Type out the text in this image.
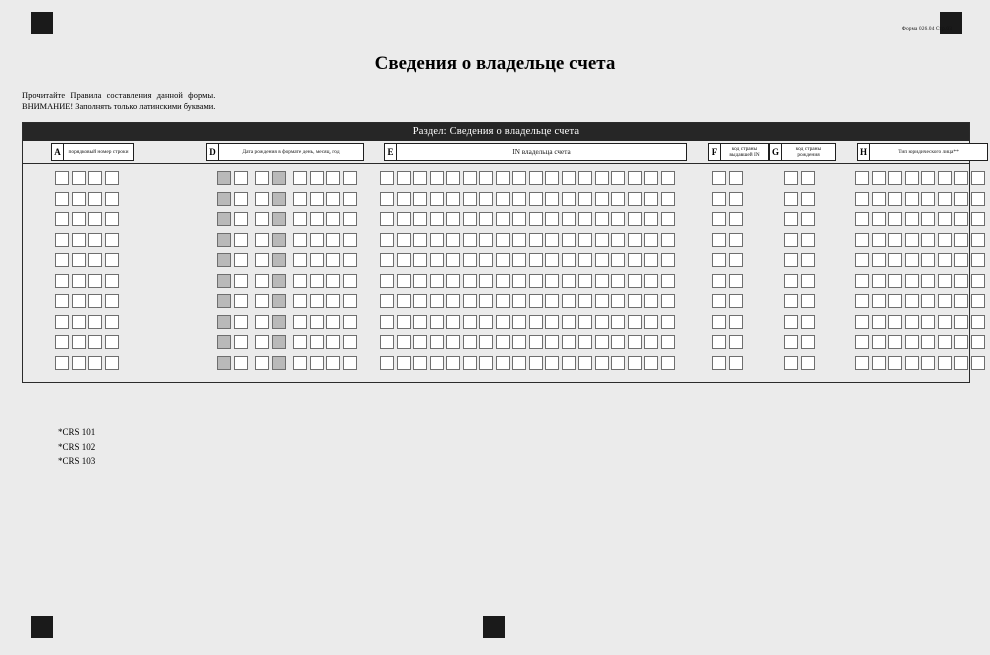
Форма 026.04 Стр.03
Сведения о владельце счета
Прочитайте Правила составления данной формы.
ВНИМАНИЕ! Заполнять только латинскими буквами.
Раздел: Сведения о владельце счета
A	порядковый номер строки	D	Дата рождения в формате день, месяц, год	E	IN владельца счета	F	код страны выдавшей IN	G	код страны рождения	H	Тип юридического лица**
*CRS 101
*CRS 102
*CRS 103
